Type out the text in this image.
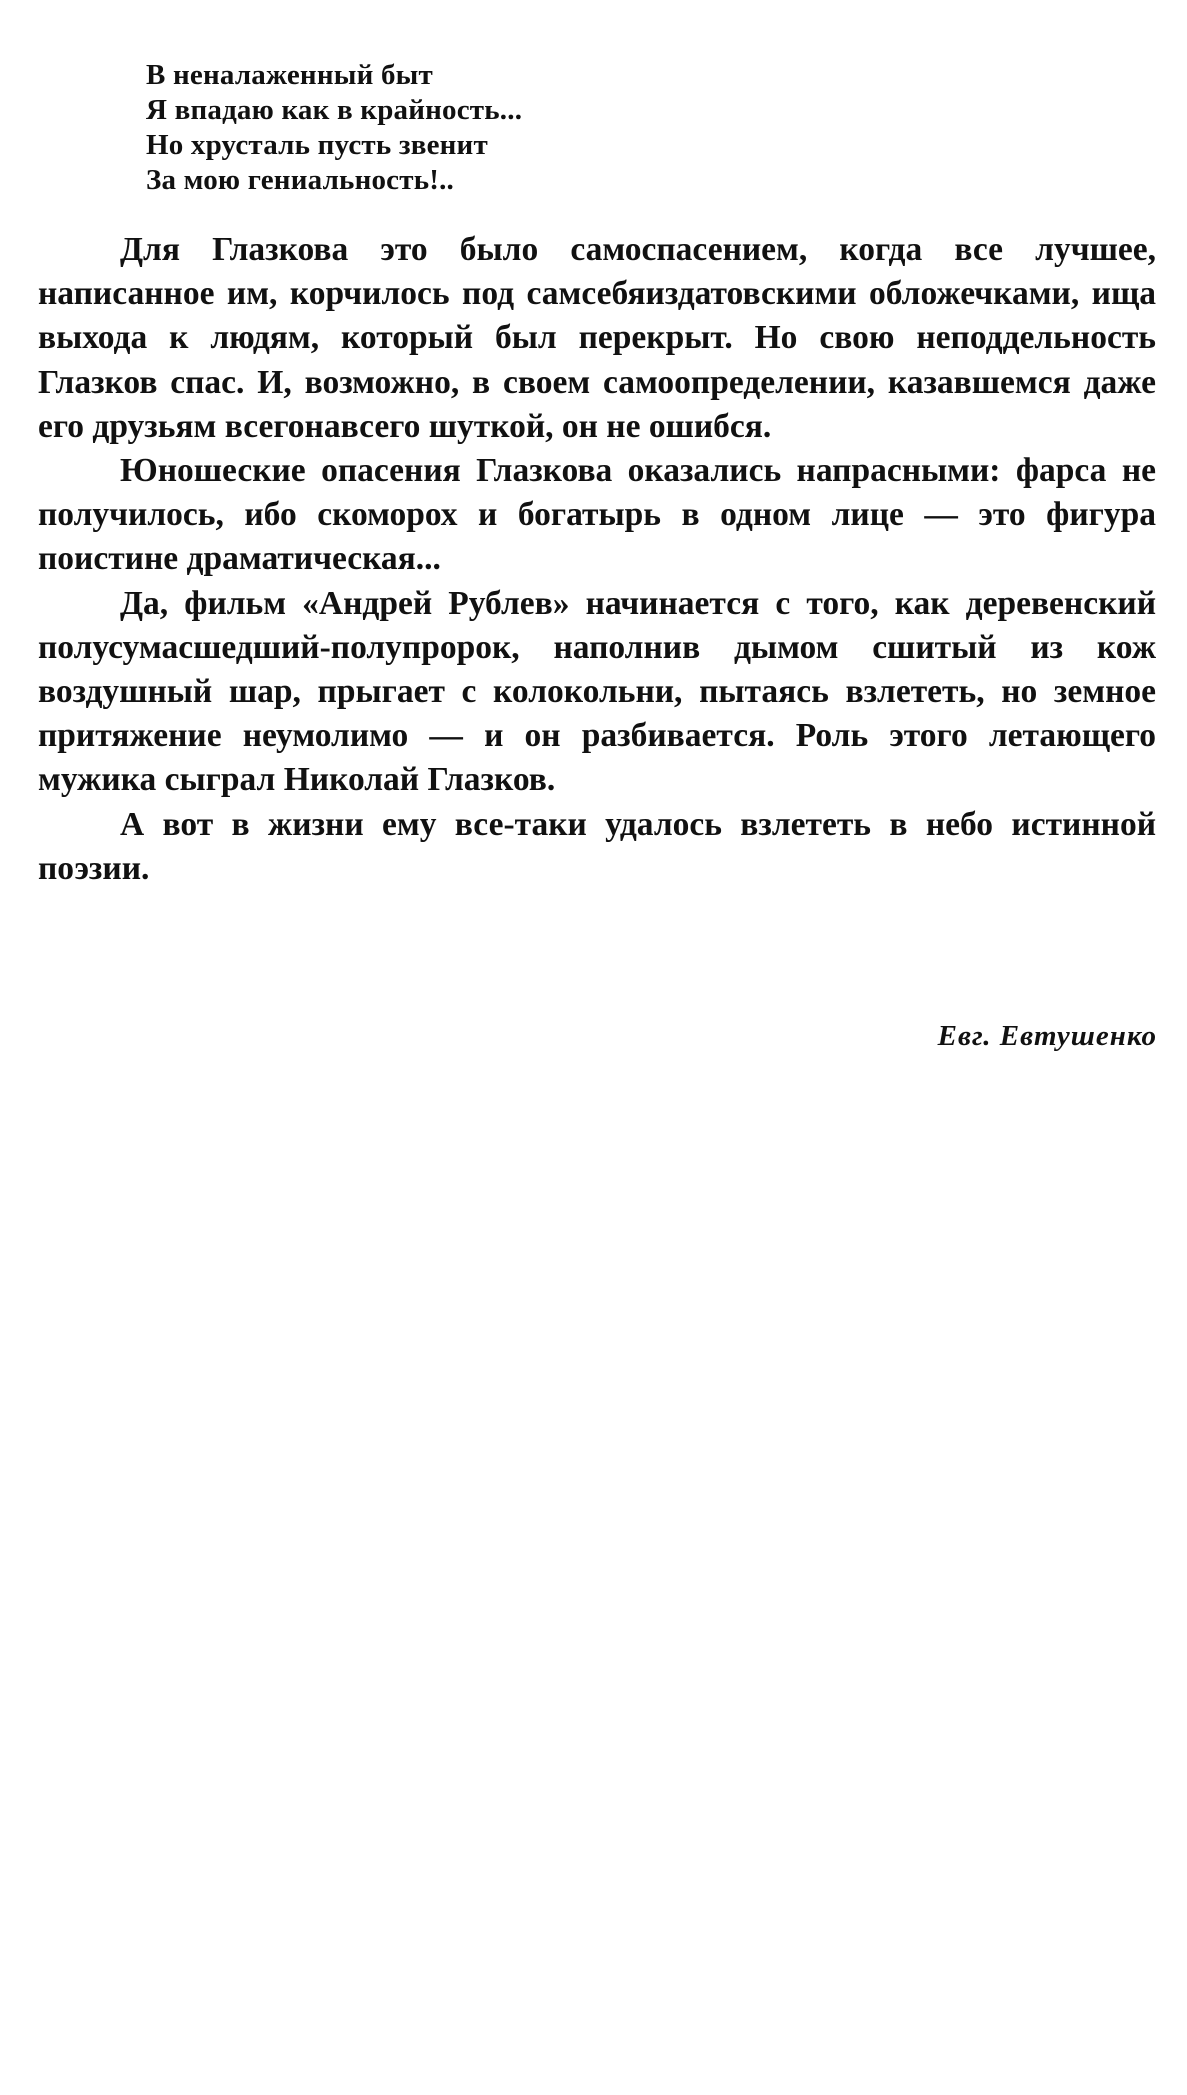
В неналаженный быт
Я впадаю как в крайность...
Но хрусталь пусть звенит
За мою гениальность!..

Для Глазкова это было самоспасением, когда все лучшее, написанное им, корчилось под самсебяиздатовскими обложечками, ища выхода к людям, который был перекрыт. Но свою неподдельность Глазков спас. И, возможно, в своем самоопределении, казавшемся даже его друзьям всегонавсего шуткой, он не ошибся.

Юношеские опасения Глазкова оказались напрасными: фарса не получилось, ибо скоморох и богатырь в одном лице — это фигура поистине драматическая...

Да, фильм «Андрей Рублев» начинается с того, как деревенский полусумасшедший-полупророк, наполнив дымом сшитый из кож воздушный шар, прыгает с колокольни, пытаясь взлететь, но земное притяжение неумолимо — и он разбивается. Роль этого летающего мужика сыграл Николай Глазков.

А вот в жизни ему все-таки удалось взлететь в небо истинной поэзии.

Евг. Евтушенко
